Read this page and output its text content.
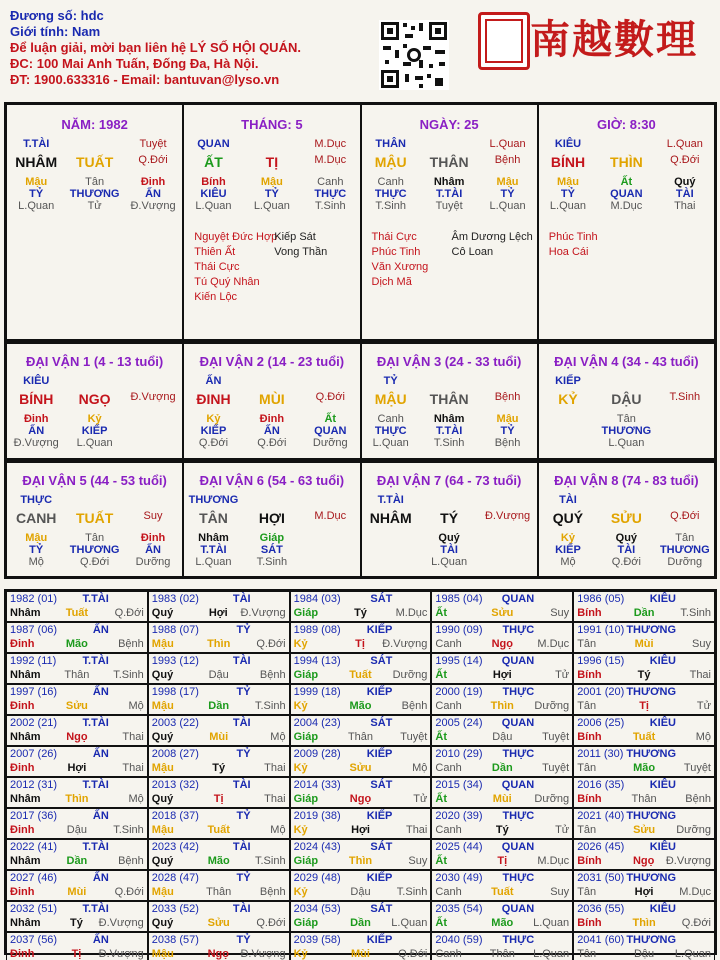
Đương số: hdc
Giới tính: Nam
Để luận giải, mời bạn liên hệ LÝ SỐ HỘI QUÁN.
ĐC: 100 Mai Anh Tuấn, Đống Đa, Hà Nội.
ĐT: 1900.633316 - Email: bantuvan@lyso.vn
南越數理
NĂM: 1982
T.TÀI	Tuyệt
NHÂM	TUẤT	Q.Đới
Mậu	Tân	Đinh
TỶ	THƯƠNG	ẤN
L.Quan	Tử	Đ.Vượng
THÁNG: 5
QUAN	M.Dục
ẤT	TỊ	M.Dục
Bính	Mậu	Canh
KIÊU	TỶ	THỰC
L.Quan	L.Quan	T.Sinh
Nguyệt Đức Hợp
Thiên Ất
Thái Cực
Tú Quý Nhân
Kiến Lộc
Kiếp Sát
Vong Thần
NGÀY: 25
THÂN	L.Quan
MẬU	THÂN	Bệnh
Canh	Nhâm	Mậu
THỰC	T.TÀI	TỶ
T.Sinh	Tuyệt	L.Quan
Thái Cực
Phúc Tinh
Văn Xương
Dịch Mã
Âm Dương Lệch
Cô Loan
GIỜ: 8:30
KIÊU	L.Quan
BÍNH	THÌN	Q.Đới
Mậu	Ất	Quý
TỶ	QUAN	TÀI
L.Quan	M.Dục	Thai
Phúc Tinh
Hoa Cái
ĐẠI VẬN 1 (4 - 13 tuổi)
KIÊU
BÍNH	NGỌ	Đ.Vượng
Đinh	Kỷ
ẤN	KIẾP
Đ.Vượng	L.Quan
ĐẠI VẬN 2 (14 - 23 tuổi)
ẤN
ĐINH	MÙI	Q.Đới
Kỷ	Đinh	Ất
KIẾP	ẤN	QUAN
Q.Đới	Q.Đới	Dưỡng
ĐẠI VẬN 3 (24 - 33 tuổi)
TỶ
MẬU	THÂN	Bệnh
Canh	Nhâm	Mậu
THỰC	T.TÀI	TỶ
L.Quan	T.Sinh	Bệnh
ĐẠI VẬN 4 (34 - 43 tuổi)
KIẾP
KỶ	DẬU	T.Sinh
Tân
THƯƠNG
L.Quan
ĐẠI VẬN 5 (44 - 53 tuổi)
THỰC
CANH	TUẤT	Suy
Mậu	Tân	Đinh
TỶ	THƯƠNG	ẤN
Mộ	Q.Đới	Dưỡng
ĐẠI VẬN 6 (54 - 63 tuổi)
THƯƠNG
TÂN	HỢI	M.Dục
Nhâm	Giáp
T.TÀI	SÁT
L.Quan	T.Sinh
ĐẠI VẬN 7 (64 - 73 tuổi)
T.TÀI
NHÂM	TÝ	Đ.Vượng
Quý
TÀI
L.Quan
ĐẠI VẬN 8 (74 - 83 tuổi)
TÀI
QUÝ	SỬU	Q.Đới
Kỷ	Quý	Tân
KIẾP	TÀI	THƯƠNG
Mộ	Q.Đới	Dưỡng
1982 (01) T.TÀI
Nhâm	Tuất	Q.Đới
1983 (02)	TÀI
Quý	Hợi	Đ.Vượng
1984 (03)	SÁT
Giáp	Tý	M.Dục
1985 (04) QUAN
Ất	Sửu	Suy
1986 (05) KIÊU
Bính	Dần	T.Sinh
1987 (06)	ẤN
Đinh	Mão	Bệnh
1988 (07)	TỶ
Mậu	Thìn	Q.Đới
1989 (08) KIẾP
Kỷ	Tị	Đ.Vượng
1990 (09) THỰC
Canh	Ngọ	M.Dục
1991 (10) THƯƠNG
Tân	Mùi	Suy
1992 (11) T.TÀI
Nhâm	Thân	T.Sinh
1993 (12)	TÀI
Quý	Dậu	Bệnh
1994 (13)	SÁT
Giáp	Tuất	Dưỡng
1995 (14) QUAN
Ất	Hợi	Tử
1996 (15) KIÊU
Bính	Tý	Thai
1997 (16)	ẤN
Đinh	Sửu	Mộ
1998 (17)	TỶ
Mậu	Dần	T.Sinh
1999 (18) KIẾP
Kỷ	Mão	Bệnh
2000 (19) THỰC
Canh	Thìn	Dưỡng
2001 (20) THƯƠNG
Tân	Tị	Tử
2002 (21) T.TÀI
Nhâm	Ngọ	Thai
2003 (22)	TÀI
Quý	Mùi	Mộ
2004 (23)	SÁT
Giáp	Thân	Tuyệt
2005 (24) QUAN
Ất	Dậu	Tuyệt
2006 (25) KIÊU
Bính	Tuất	Mộ
2007 (26)	ẤN
Đinh	Hợi	Thai
2008 (27)	TỶ
Mậu	Tý	Thai
2009 (28) KIẾP
Kỷ	Sửu	Mộ
2010 (29) THỰC
Canh	Dần	Tuyệt
2011 (30) THƯƠNG
Tân	Mão	Tuyệt
2012 (31) T.TÀI
Nhâm	Thìn	Mộ
2013 (32)	TÀI
Quý	Tị	Thai
2014 (33)	SÁT
Giáp	Ngọ	Tử
2015 (34) QUAN
Ất	Mùi	Dưỡng
2016 (35) KIÊU
Bính	Thân	Bệnh
2017 (36)	ẤN
Đinh	Dậu	T.Sinh
2018 (37)	TỶ
Mậu	Tuất	Mộ
2019 (38) KIẾP
Kỷ	Hợi	Thai
2020 (39) THỰC
Canh	Tý	Tử
2021 (40) THƯƠNG
Tân	Sửu	Dưỡng
2022 (41) T.TÀI
Nhâm	Dần	Bệnh
2023 (42)	TÀI
Quý	Mão	T.Sinh
2024 (43)	SÁT
Giáp	Thìn	Suy
2025 (44) QUAN
Ất	Tị	M.Dục
2026 (45) KIÊU
Bính	Ngọ	Đ.Vượng
2027 (46)	ẤN
Đinh	Mùi	Q.Đới
2028 (47)	TỶ
Mậu	Thân	Bệnh
2029 (48) KIẾP
Kỷ	Dậu	T.Sinh
2030 (49) THỰC
Canh	Tuất	Suy
2031 (50) THƯƠNG
Tân	Hợi	M.Dục
2032 (51) T.TÀI
Nhâm	Tý	Đ.Vượng
2033 (52)	TÀI
Quý	Sửu	Q.Đới
2034 (53)	SÁT
Giáp	Dần	L.Quan
2035 (54) QUAN
Ất	Mão	L.Quan
2036 (55) KIÊU
Bính	Thìn	Q.Đới
2037 (56)	ẤN
Đinh	Tị	Đ.Vượng
2038 (57)	TỶ
Mậu	Ngọ	Đ.Vượng
2039 (58) KIẾP
Kỷ	Mùi	Q.Đới
2040 (59) THỰC
Canh	Thân	L.Quan
2041 (60) THƯƠNG
Tân	Dậu	L.Quan
